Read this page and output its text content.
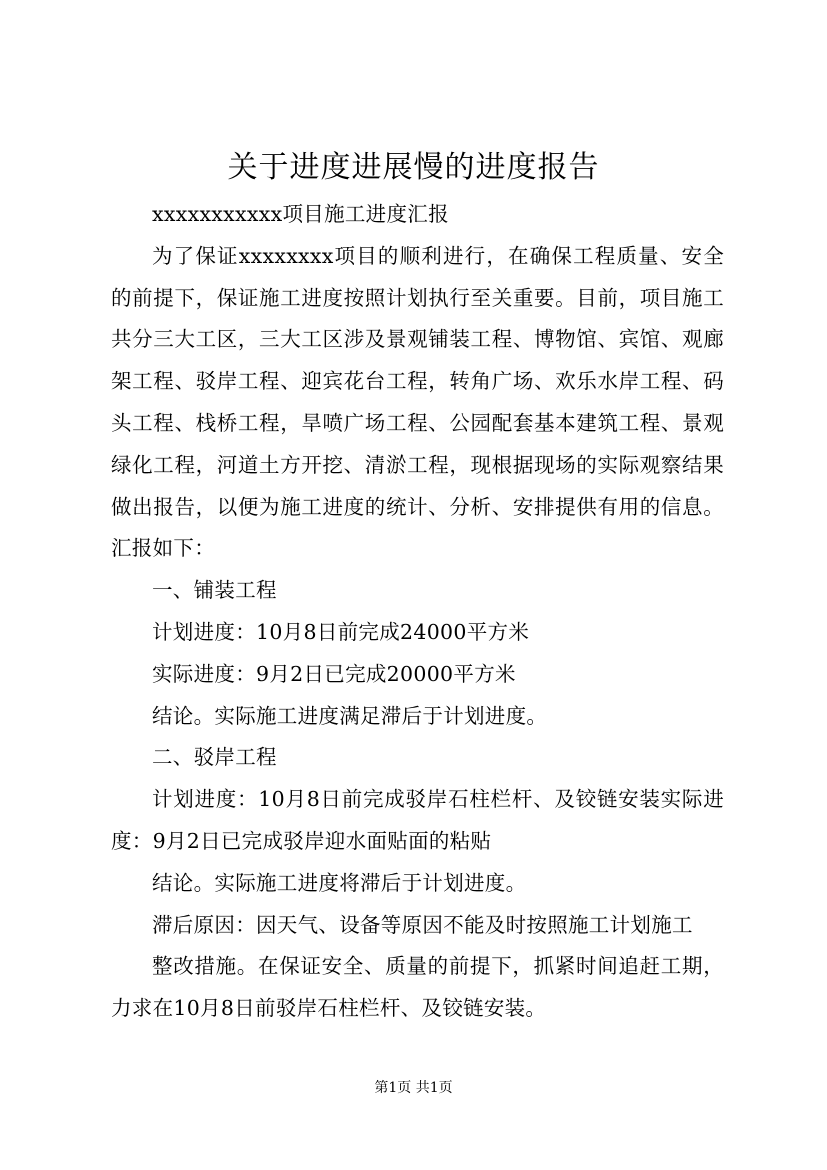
关于进度进展慢的进度报告

xxxxxxxxxxx项目施工进度汇报

为了保证xxxxxxxx项目的顺利进行，在确保工程质量、安全的前提下，保证施工进度按照计划执行至关重要。目前，项目施工共分三大工区，三大工区涉及景观铺装工程、博物馆、宾馆、观廊架工程、驳岸工程、迎宾花台工程，转角广场、欢乐水岸工程、码头工程、栈桥工程，旱喷广场工程、公园配套基本建筑工程、景观绿化工程，河道土方开挖、清淤工程，现根据现场的实际观察结果做出报告，以便为施工进度的统计、分析、安排提供有用的信息。汇报如下：

一、铺装工程

计划进度：10月8日前完成24000平方米

实际进度：9月2日已完成20000平方米

结论。实际施工进度满足滞后于计划进度。

二、驳岸工程

计划进度：10月8日前完成驳岸石柱栏杆、及铰链安装实际进度：9月2日已完成驳岸迎水面贴面的粘贴

结论。实际施工进度将滞后于计划进度。

滞后原因：因天气、设备等原因不能及时按照施工计划施工

整改措施。在保证安全、质量的前提下，抓紧时间追赶工期，力求在10月8日前驳岸石柱栏杆、及铰链安装。

第1页 共1页
